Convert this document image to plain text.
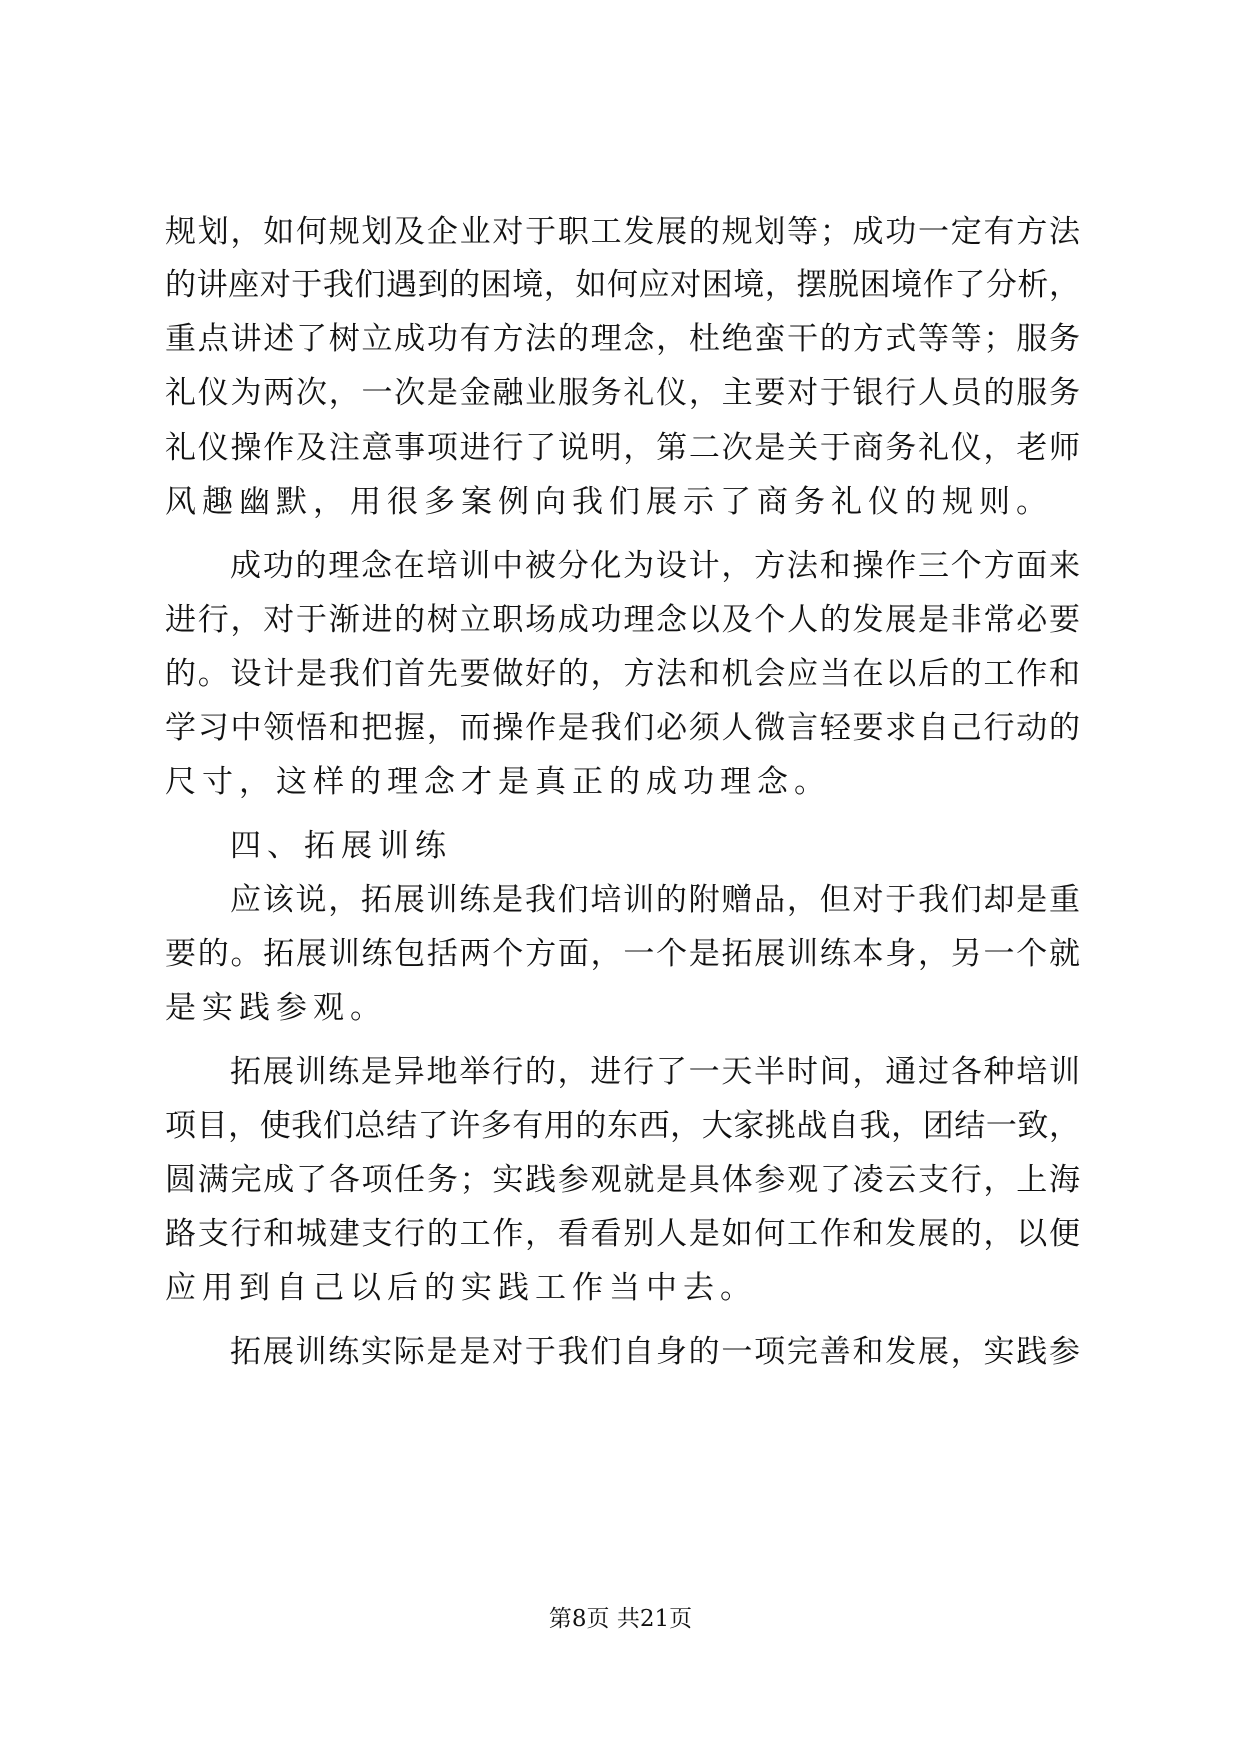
规划，如何规划及企业对于职工发展的规划等；成功一定有方法
的讲座对于我们遇到的困境，如何应对困境，摆脱困境作了分析，
重点讲述了树立成功有方法的理念，杜绝蛮干的方式等等；服务
礼仪为两次，一次是金融业服务礼仪，主要对于银行人员的服务
礼仪操作及注意事项进行了说明，第二次是关于商务礼仪，老师
风趣幽默，用很多案例向我们展示了商务礼仪的规则。
成功的理念在培训中被分化为设计，方法和操作三个方面来
进行，对于渐进的树立职场成功理念以及个人的发展是非常必要
的。设计是我们首先要做好的，方法和机会应当在以后的工作和
学习中领悟和把握，而操作是我们必须人微言轻要求自己行动的
尺寸，这样的理念才是真正的成功理念。
四、拓展训练
应该说，拓展训练是我们培训的附赠品，但对于我们却是重
要的。拓展训练包括两个方面，一个是拓展训练本身，另一个就
是实践参观。
拓展训练是异地举行的，进行了一天半时间，通过各种培训
项目，使我们总结了许多有用的东西，大家挑战自我，团结一致，
圆满完成了各项任务；实践参观就是具体参观了凌云支行，上海
路支行和城建支行的工作，看看别人是如何工作和发展的，以便
应用到自己以后的实践工作当中去。
拓展训练实际是是对于我们自身的一项完善和发展，实践参
第8页 共21页
